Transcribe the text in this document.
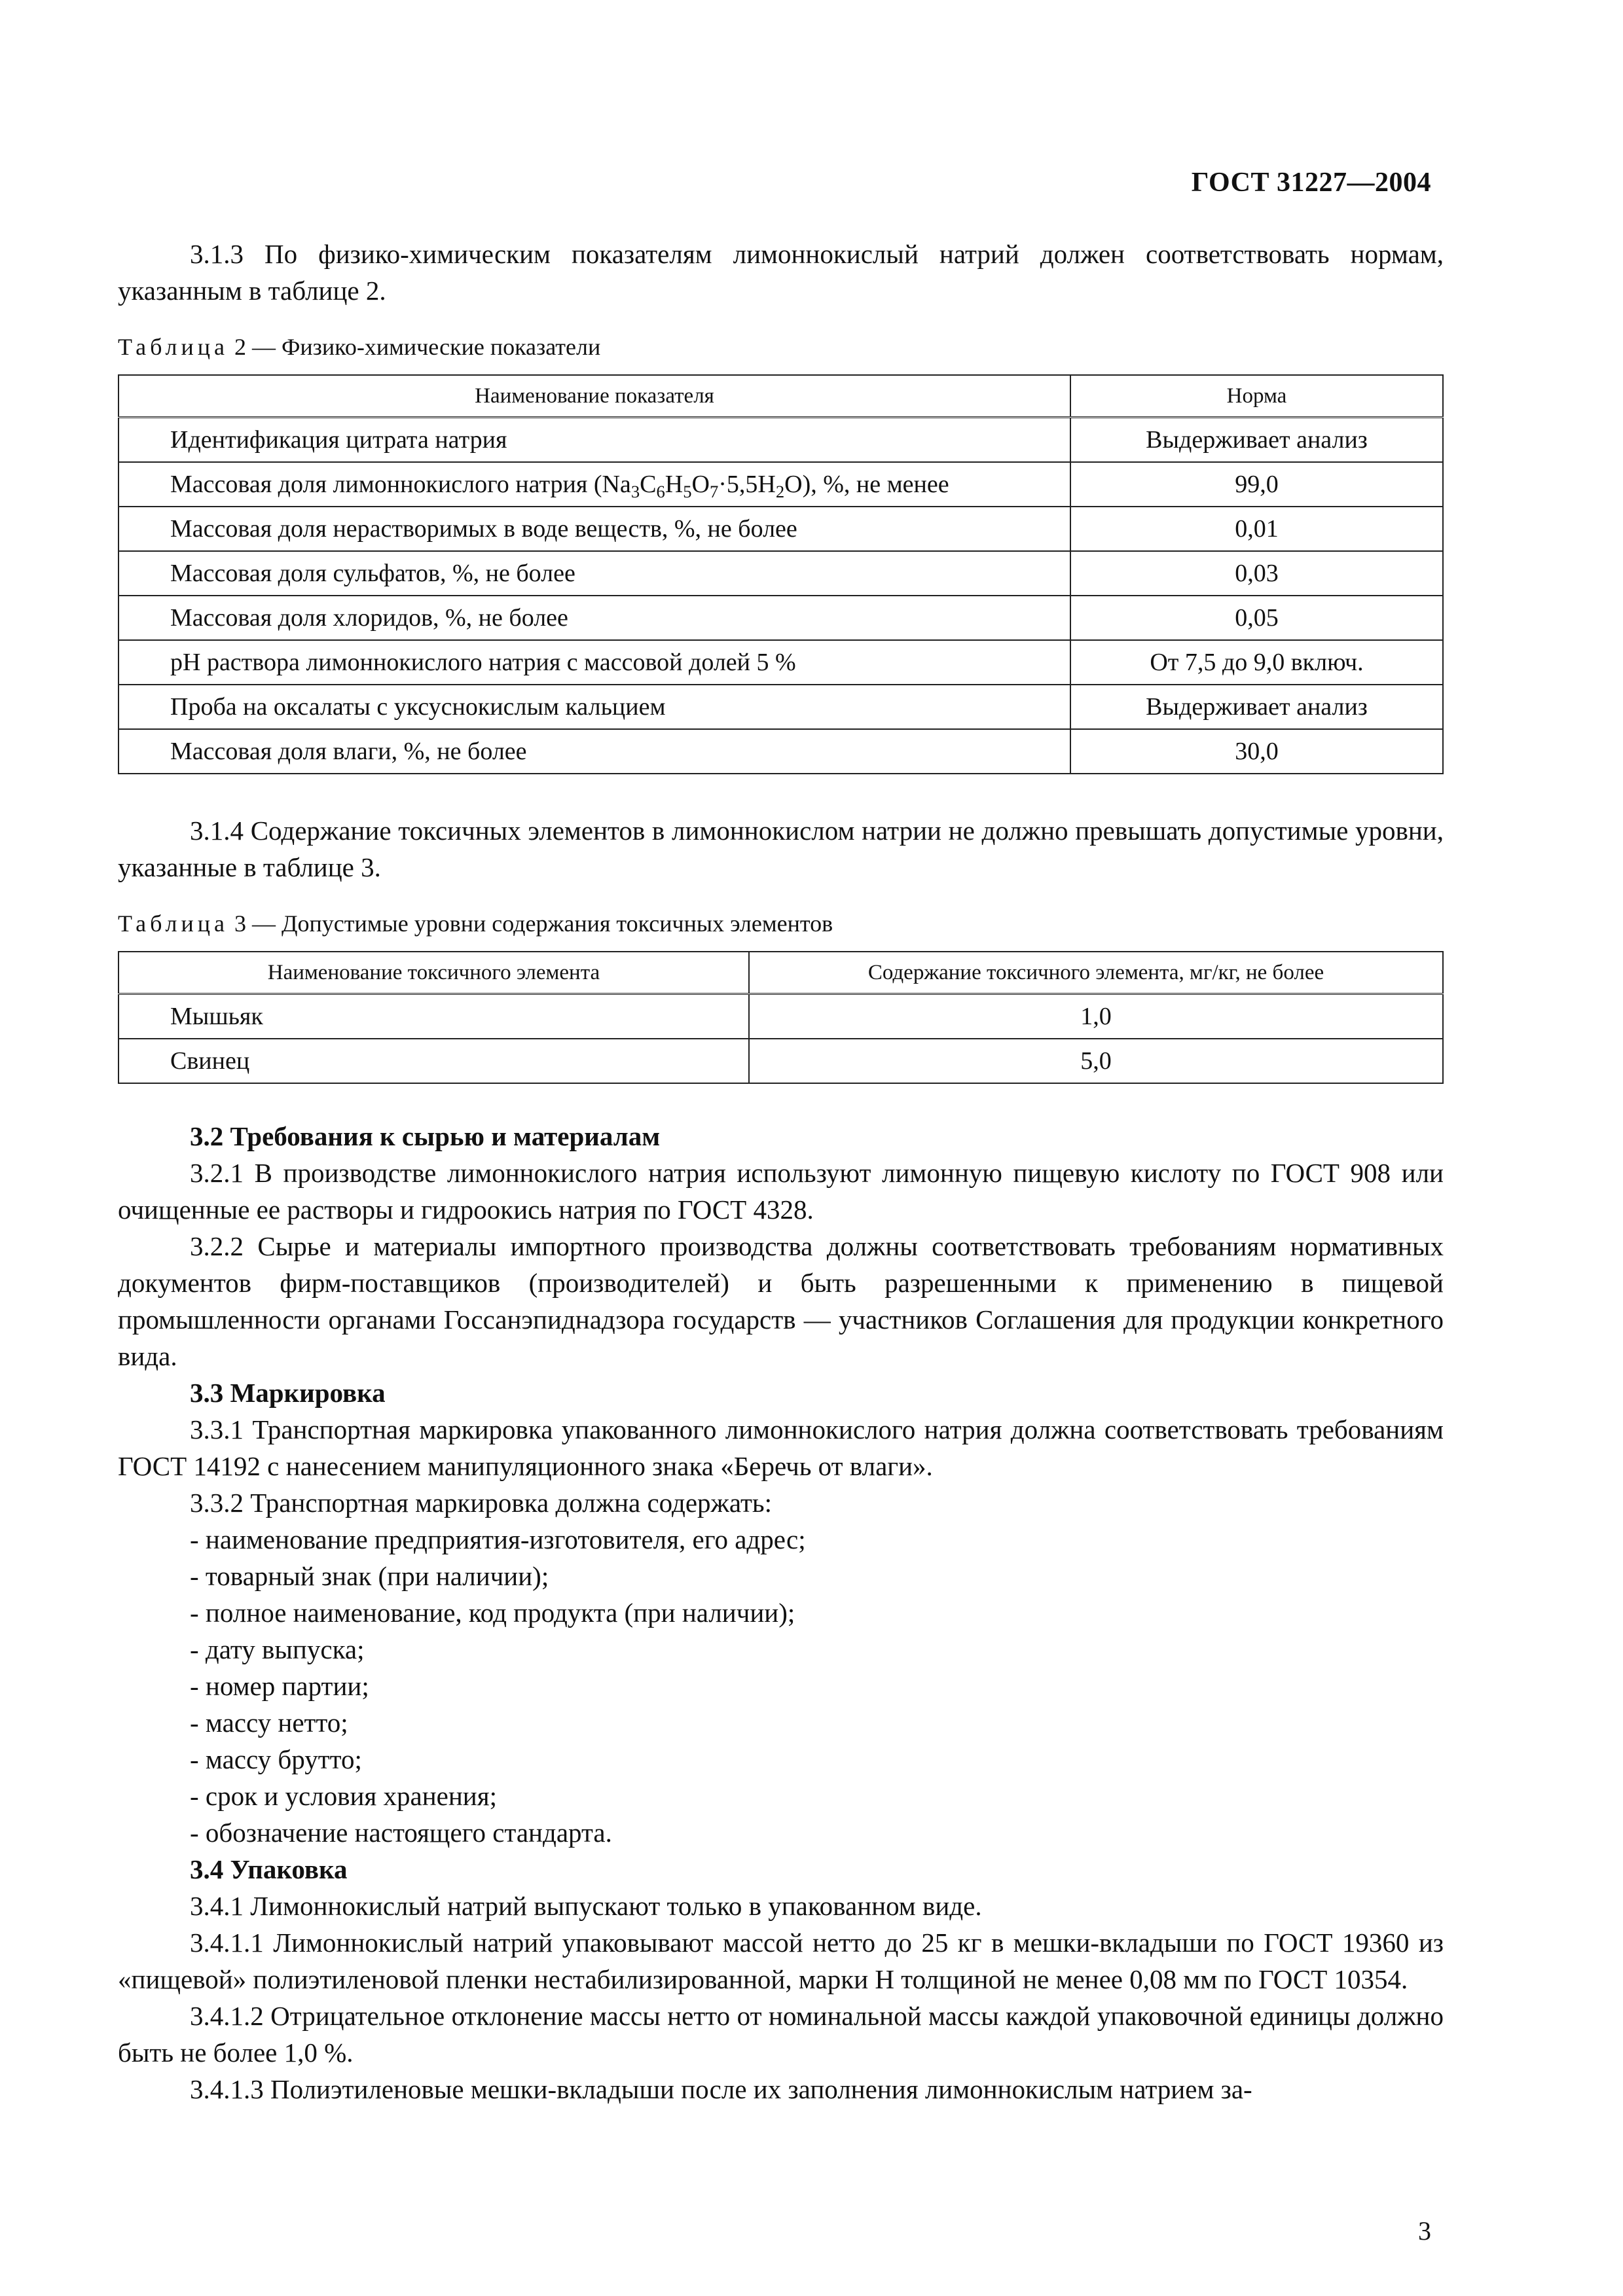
ГОСТ 31227—2004

3.1.3 По физико-химическим показателям лимоннокислый натрий должен соответствовать нормам, указанным в таблице 2.

Таблица 2 — Физико-химические показатели
Наименование показателя	Норма
Идентификация цитрата натрия	Выдерживает анализ
Массовая доля лимоннокислого натрия $(Na_3C_6H_5O_7\cdot 5,5H_2O)$, %, не менее	99,0
Массовая доля нерастворимых в воде веществ, %, не более	0,01
Массовая доля сульфатов, %, не более	0,03
Массовая доля хлоридов, %, не более	0,05
pH раствора лимоннокислого натрия с массовой долей 5 %	От 7,5 до 9,0 включ.
Проба на оксалаты с уксуснокислым кальцием	Выдерживает анализ
Массовая доля влаги, %, не более	30,0

3.1.4 Содержание токсичных элементов в лимоннокислом натрии не должно превышать допустимые уровни, указанные в таблице 3.

Таблица 3 — Допустимые уровни содержания токсичных элементов
Наименование токсичного элемента	Содержание токсичного элемента, мг/кг, не более
Мышьяк	1,0
Свинец	5,0

3.2 Требования к сырью и материалам

3.2.1 В производстве лимоннокислого натрия используют лимонную пищевую кислоту по ГОСТ 908 или очищенные ее растворы и гидроокись натрия по ГОСТ 4328.

3.2.2 Сырье и материалы импортного производства должны соответствовать требованиям нормативных документов фирм-поставщиков (производителей) и быть разрешенными к применению в пищевой промышленности органами Госсанэпиднадзора государств — участников Соглашения для продукции конкретного вида.

3.3 Маркировка

3.3.1 Транспортная маркировка упакованного лимоннокислого натрия должна соответствовать требованиям ГОСТ 14192 с нанесением манипуляционного знака «Беречь от влаги».

3.3.2 Транспортная маркировка должна содержать:

- наименование предприятия-изготовителя, его адрес;
- товарный знак (при наличии);
- полное наименование, код продукта (при наличии);
- дату выпуска;
- номер партии;
- массу нетто;
- массу брутто;
- срок и условия хранения;
- обозначение настоящего стандарта.

3.4 Упаковка

3.4.1 Лимоннокислый натрий выпускают только в упакованном виде.

3.4.1.1 Лимоннокислый натрий упаковывают массой нетто до 25 кг в мешки-вкладыши по ГОСТ 19360 из «пищевой» полиэтиленовой пленки нестабилизированной, марки Н толщиной не менее 0,08 мм по ГОСТ 10354.

3.4.1.2 Отрицательное отклонение массы нетто от номинальной массы каждой упаковочной единицы должно быть не более 1,0 %.

3.4.1.3 Полиэтиленовые мешки-вкладыши после их заполнения лимоннокислым натрием за-

3
